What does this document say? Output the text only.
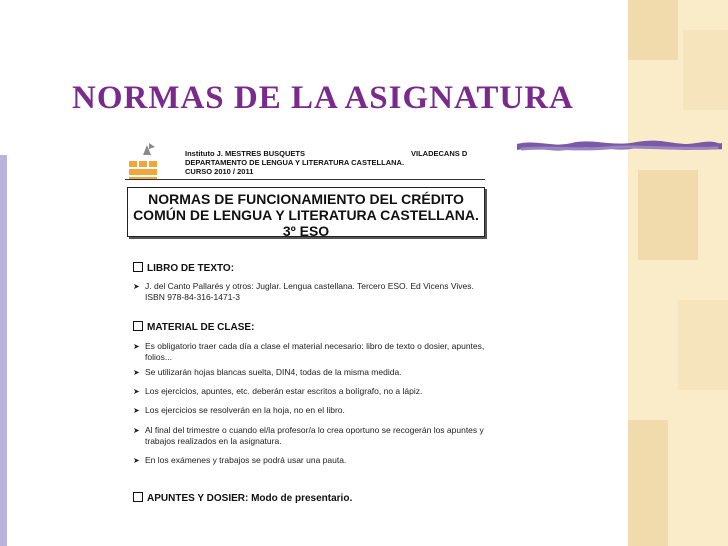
NORMAS DE LA ASIGNATURA
Instituto J. MESTRES BUSQUETS
DEPARTAMENTO DE LENGUA Y LITERATURA CASTELLANA.
CURSO 2010 / 2011
VILADECANS D
NORMAS DE FUNCIONAMIENTO DEL CRÉDITO
COMÚN DE LENGUA Y LITERATURA CASTELLANA.
3º ESO
LIBRO DE TEXTO:
➤ J. del Canto Pallarés y otros: Juglar. Lengua castellana. Tercero ESO. Ed Vicens Vives. ISBN 978-84-316-1471-3
MATERIAL DE CLASE:
➤ Es obligatorio traer cada día a clase el material necesario: libro de texto o dosier, apuntes, folios...
➤ Se utilizarán hojas blancas suelta, DIN4, todas de la misma medida.
➤ Los ejercicios, apuntes, etc. deberán estar escritos a bolígrafo, no a lápiz.
➤ Los ejercicios se resolverán en la hoja, no en el libro.
➤ Al final del trimestre o cuando el/la profesor/a lo crea oportuno se recogerán los apuntes y trabajos realizados en la asignatura.
➤ En los exámenes y trabajos se podrá usar una pauta.
APUNTES Y DOSIER: Modo de presentario.
